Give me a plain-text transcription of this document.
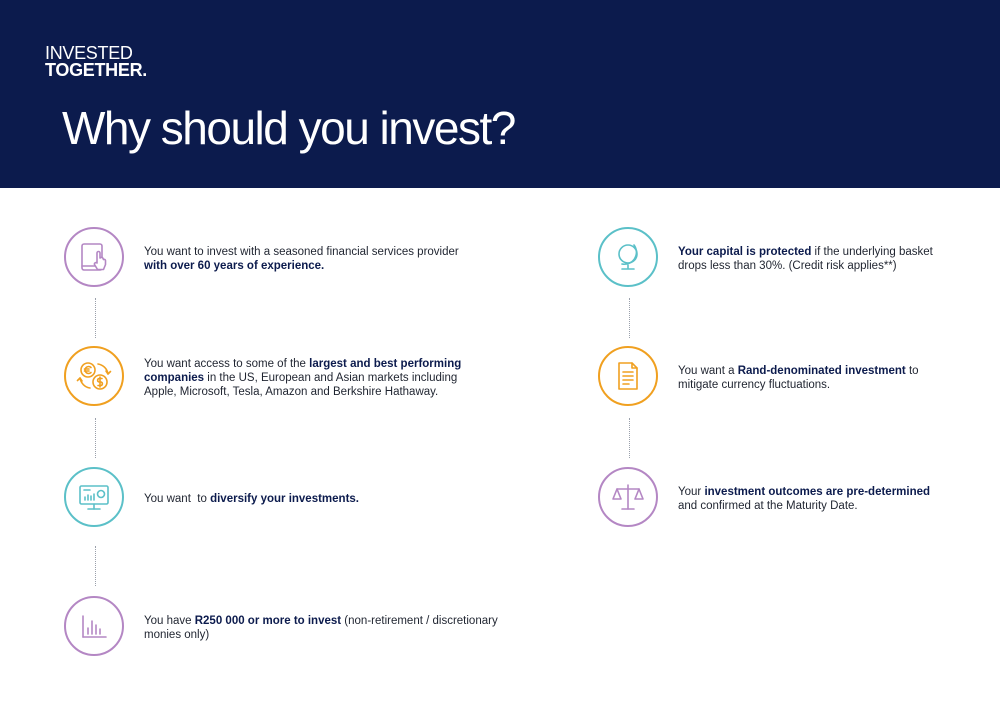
INVESTED
TOGETHER.
Why should you invest?
You want to invest with a seasoned financial services provider with over 60 years of experience.
You want access to some of the largest and best performing companies in the US, European and Asian markets including Apple, Microsoft, Tesla, Amazon and Berkshire Hathaway.
You want  to diversify your investments.
You have R250 000 or more to invest (non-retirement / discretionary monies only)
Your capital is protected if the underlying basket drops less than 30%. (Credit risk applies**)
You want a Rand-denominated investment to mitigate currency fluctuations.
Your investment outcomes are pre-determined and confirmed at the Maturity Date.
